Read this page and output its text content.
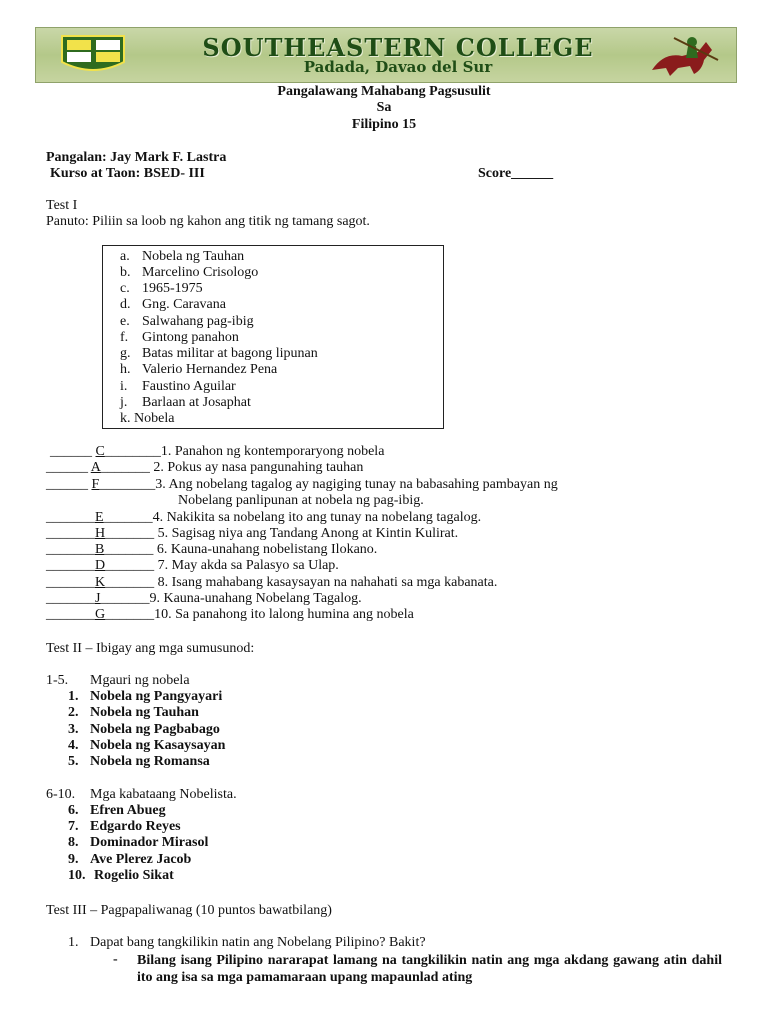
SOUTHEASTERN COLLEGE
Padada, Davao del Sur
Pangalawang Mahabang Pagsusulit
Sa
Filipino 15
Pangalan: Jay Mark F. Lastra
Kurso at Taon: BSED- III	Score______
Test I
Panuto: Piliin sa loob ng kahon ang titik ng tamang sagot.
a. Nobela ng Tauhan
b. Marcelino Crisologo
c. 1965-1975
d. Gng. Caravana
e. Salwahang pag-ibig
f. Gintong panahon
g. Batas militar at bagong lipunan
h. Valerio Hernandez Pena
i. Faustino Aguilar
j. Barlaan at Josaphat
k. Nobela
______ C________1. Panahon ng kontemporaryong nobela
______ A_______ 2. Pokus ay nasa pangunahing tauhan
______ F________3. Ang nobelang tagalog ay nagiging tunay na babasahing pambayan ng
Nobelang panlipunan at nobela ng pag-ibig.
_______E_______4. Nakikita sa nobelang ito ang tunay na nobelang tagalog.
_______H_______ 5. Sagisag niya ang Tandang Anong at Kintin Kulirat.
_______B_______ 6. Kauna-unahang nobelistang Ilokano.
_______D_______ 7. May akda sa Palasyo sa Ulap.
_______K_______ 8. Isang mahabang kasaysayan na nahahati sa mga kabanata.
_______J_______9. Kauna-unahang Nobelang Tagalog.
_______G_______10. Sa panahong ito lalong humina ang nobela
Test II – Ibigay ang mga sumusunod:
1-5. Mgauri ng nobela
1. Nobela ng Pangyayari
2. Nobela ng Tauhan
3. Nobela ng Pagbabago
4. Nobela ng Kasaysayan
5. Nobela ng Romansa
6-10. Mga kabataang Nobelista.
6. Efren Abueg
7. Edgardo Reyes
8. Dominador Mirasol
9. Ave Plerez Jacob
10. Rogelio Sikat
Test III – Pagpapaliwanag (10 puntos bawatbilang)
1. Dapat bang tangkilikin natin ang Nobelang Pilipino? Bakit?
- Bilang isang Pilipino nararapat lamang na tangkilikin natin ang mga akdang gawang atin dahil ito ang isa sa mga pamamaraan upang mapaunlad ating
